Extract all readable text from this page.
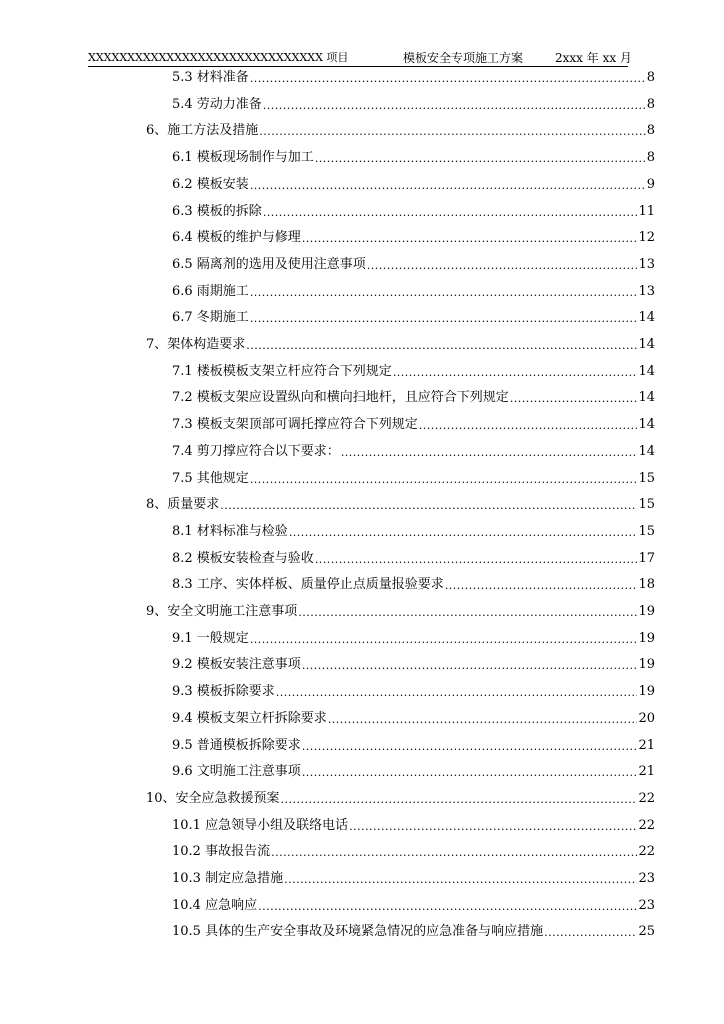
XXXXXXXXXXXXXXXXXXXXXXXXXXXXXX 项目	模板安全专项施工方案	2xxx 年 xx 月
5.3 材料准备 .....	8
5.4 劳动力准备 .....	8
6、施工方法及措施 .....	8
6.1 模板现场制作与加工 .....	8
6.2 模板安装 .....	9
6.3 模板的拆除 .....	11
6.4 模板的维护与修理 .....	12
6.5 隔离剂的选用及使用注意事项 .....	13
6.6 雨期施工 .....	13
6.7 冬期施工 .....	14
7、架体构造要求 .....	14
7.1 楼板模板支架立杆应符合下列规定 .....	14
7.2 模板支架应设置纵向和横向扫地杆，且应符合下列规定 .....	14
7.3 模板支架顶部可调托撑应符合下列规定 .....	14
7.4 剪刀撑应符合以下要求： .....	14
7.5 其他规定 .....	15
8、质量要求 .....	15
8.1 材料标准与检验 .....	15
8.2 模板安装检查与验收 .....	17
8.3 工序、实体样板、质量停止点质量报验要求 .....	18
9、安全文明施工注意事项 .....	19
9.1 一般规定 .....	19
9.2 模板安装注意事项 .....	19
9.3 模板拆除要求 .....	19
9.4 模板支架立杆拆除要求 .....	20
9.5 普通模板拆除要求 .....	21
9.6 文明施工注意事项 .....	21
10、安全应急救援预案 .....	22
10.1 应急领导小组及联络电话 .....	22
10.2 事故报告流 .....	22
10.3 制定应急措施 .....	23
10.4 应急响应 .....	23
10.5 具体的生产安全事故及环境紧急情况的应急准备与响应措施 .....	25
